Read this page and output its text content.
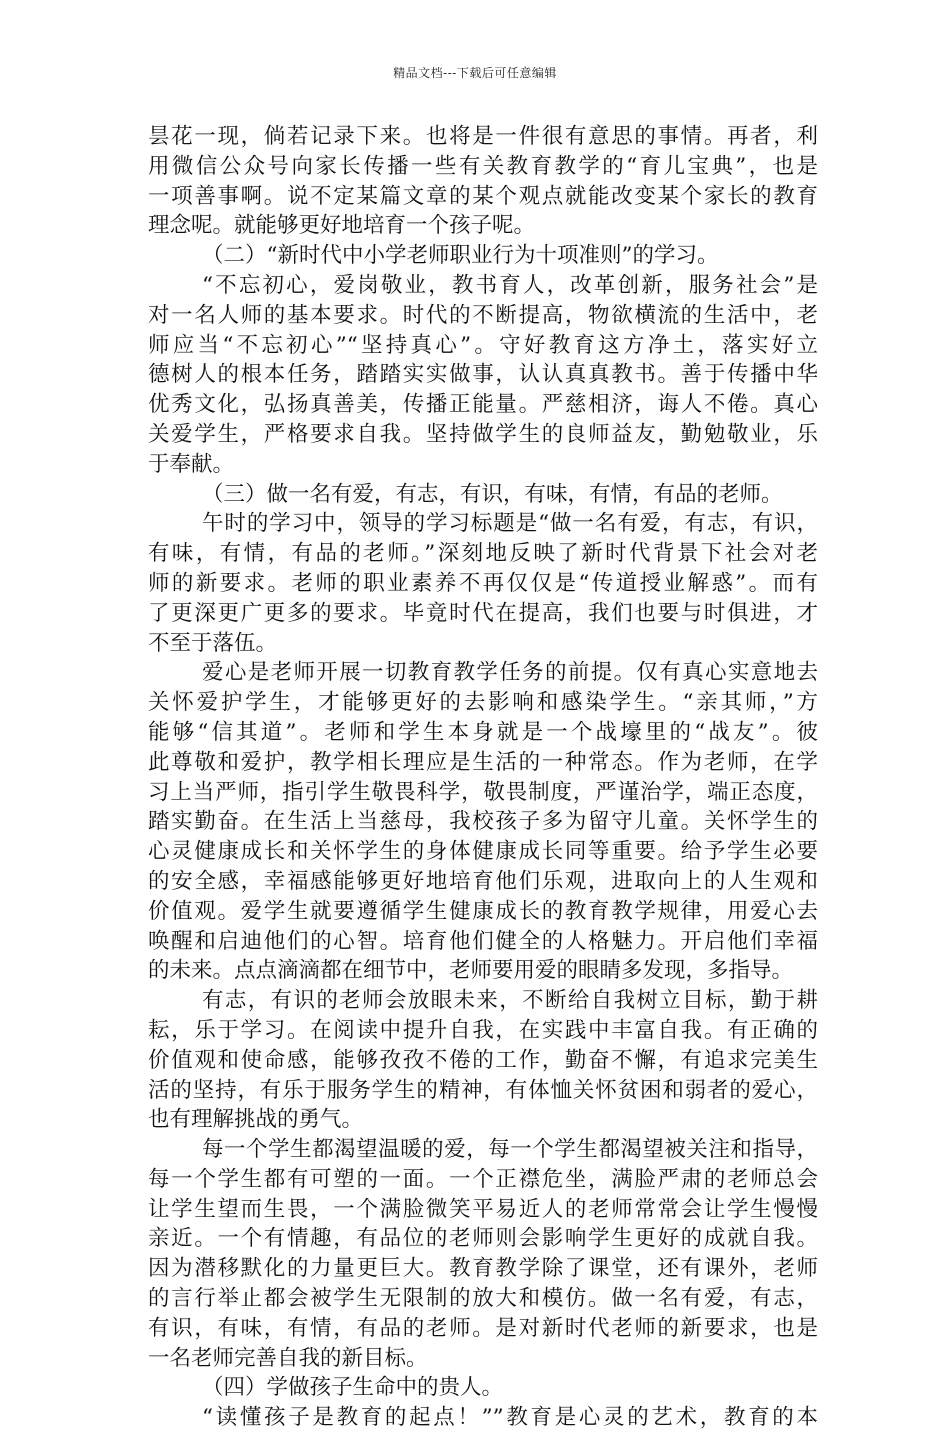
精品文档---下载后可任意编辑
昙花一现，倘若记录下来。也将是一件很有意思的事情。再者，利
用微信公众号向家长传播一些有关教育教学的“育儿宝典”，也是
一项善事啊。说不定某篇文章的某个观点就能改变某个家长的教育
理念呢。就能够更好地培育一个孩子呢。
（二）“新时代中小学老师职业行为十项准则”的学习。
“不忘初心，爱岗敬业，教书育人，改革创新，服务社会”是
对一名人师的基本要求。时代的不断提高，物欲横流的生活中，老
师应当“不忘初心”“坚持真心”。守好教育这方净土，落实好立
德树人的根本任务，踏踏实实做事，认认真真教书。善于传播中华
优秀文化，弘扬真善美，传播正能量。严慈相济，诲人不倦。真心
关爱学生，严格要求自我。坚持做学生的良师益友，勤勉敬业，乐
于奉献。
（三）做一名有爱，有志，有识，有味，有情，有品的老师。
午时的学习中，领导的学习标题是“做一名有爱，有志，有识，
有味，有情，有品的老师。”深刻地反映了新时代背景下社会对老
师的新要求。老师的职业素养不再仅仅是“传道授业解惑”。而有
了更深更广更多的要求。毕竟时代在提高，我们也要与时俱进，才
不至于落伍。
爱心是老师开展一切教育教学任务的前提。仅有真心实意地去
关怀爱护学生，才能够更好的去影响和感染学生。“亲其师，”方
能够“信其道”。老师和学生本身就是一个战壕里的“战友”。彼
此尊敬和爱护，教学相长理应是生活的一种常态。作为老师，在学
习上当严师，指引学生敬畏科学，敬畏制度，严谨治学，端正态度，
踏实勤奋。在生活上当慈母，我校孩子多为留守儿童。关怀学生的
心灵健康成长和关怀学生的身体健康成长同等重要。给予学生必要
的安全感，幸福感能够更好地培育他们乐观，进取向上的人生观和
价值观。爱学生就要遵循学生健康成长的教育教学规律，用爱心去
唤醒和启迪他们的心智。培育他们健全的人格魅力。开启他们幸福
的未来。点点滴滴都在细节中，老师要用爱的眼睛多发现，多指导。
有志，有识的老师会放眼未来，不断给自我树立目标，勤于耕
耘，乐于学习。在阅读中提升自我，在实践中丰富自我。有正确的
价值观和使命感，能够孜孜不倦的工作，勤奋不懈，有追求完美生
活的坚持，有乐于服务学生的精神，有体恤关怀贫困和弱者的爱心，
也有理解挑战的勇气。
每一个学生都渴望温暖的爱，每一个学生都渴望被关注和指导，
每一个学生都有可塑的一面。一个正襟危坐，满脸严肃的老师总会
让学生望而生畏，一个满脸微笑平易近人的老师常常会让学生慢慢
亲近。一个有情趣，有品位的老师则会影响学生更好的成就自我。
因为潜移默化的力量更巨大。教育教学除了课堂，还有课外，老师
的言行举止都会被学生无限制的放大和模仿。做一名有爱，有志，
有识，有味，有情，有品的老师。是对新时代老师的新要求，也是
一名老师完善自我的新目标。
（四）学做孩子生命中的贵人。
“读懂孩子是教育的起点！””教育是心灵的艺术，教育的本
